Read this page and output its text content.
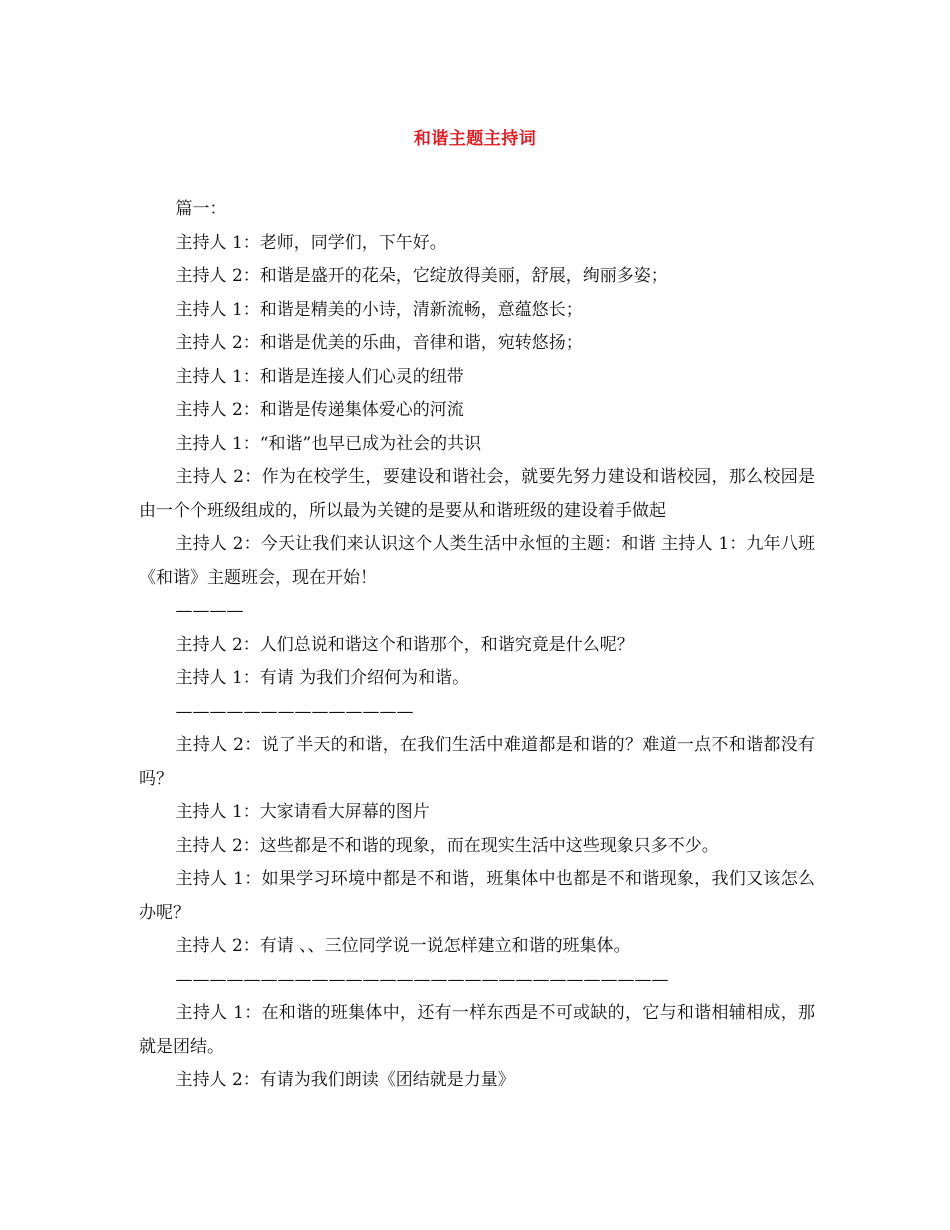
和谐主题主持词

篇一：

主持人 1：老师，同学们，下午好。

主持人 2：和谐是盛开的花朵，它绽放得美丽，舒展，绚丽多姿；

主持人 1：和谐是精美的小诗，清新流畅，意蕴悠长；

主持人 2：和谐是优美的乐曲，音律和谐，宛转悠扬；

主持人 1：和谐是连接人们心灵的纽带

主持人 2：和谐是传递集体爱心的河流

主持人 1：“和谐”也早已成为社会的共识

主持人 2：作为在校学生，要建设和谐社会，就要先努力建设和谐校园，那么校园是由一个个班级组成的，所以最为关键的是要从和谐班级的建设着手做起

主持人 2：今天让我们来认识这个人类生活中永恒的主题：和谐 主持人 1：九年八班《和谐》主题班会，现在开始！

————

主持人 2：人们总说和谐这个和谐那个，和谐究竟是什么呢？

主持人 1：有请 为我们介绍何为和谐。

——————————————

主持人 2：说了半天的和谐，在我们生活中难道都是和谐的？难道一点不和谐都没有吗？

主持人 1：大家请看大屏幕的图片

主持人 2：这些都是不和谐的现象，而在现实生活中这些现象只多不少。

主持人 1：如果学习环境中都是不和谐，班集体中也都是不和谐现象，我们又该怎么办呢？

主持人 2：有请 、、三位同学说一说怎样建立和谐的班集体。

—————————————————————————————

主持人 1：在和谐的班集体中，还有一样东西是不可或缺的，它与和谐相辅相成，那就是团结。

主持人 2：有请为我们朗读《团结就是力量》
